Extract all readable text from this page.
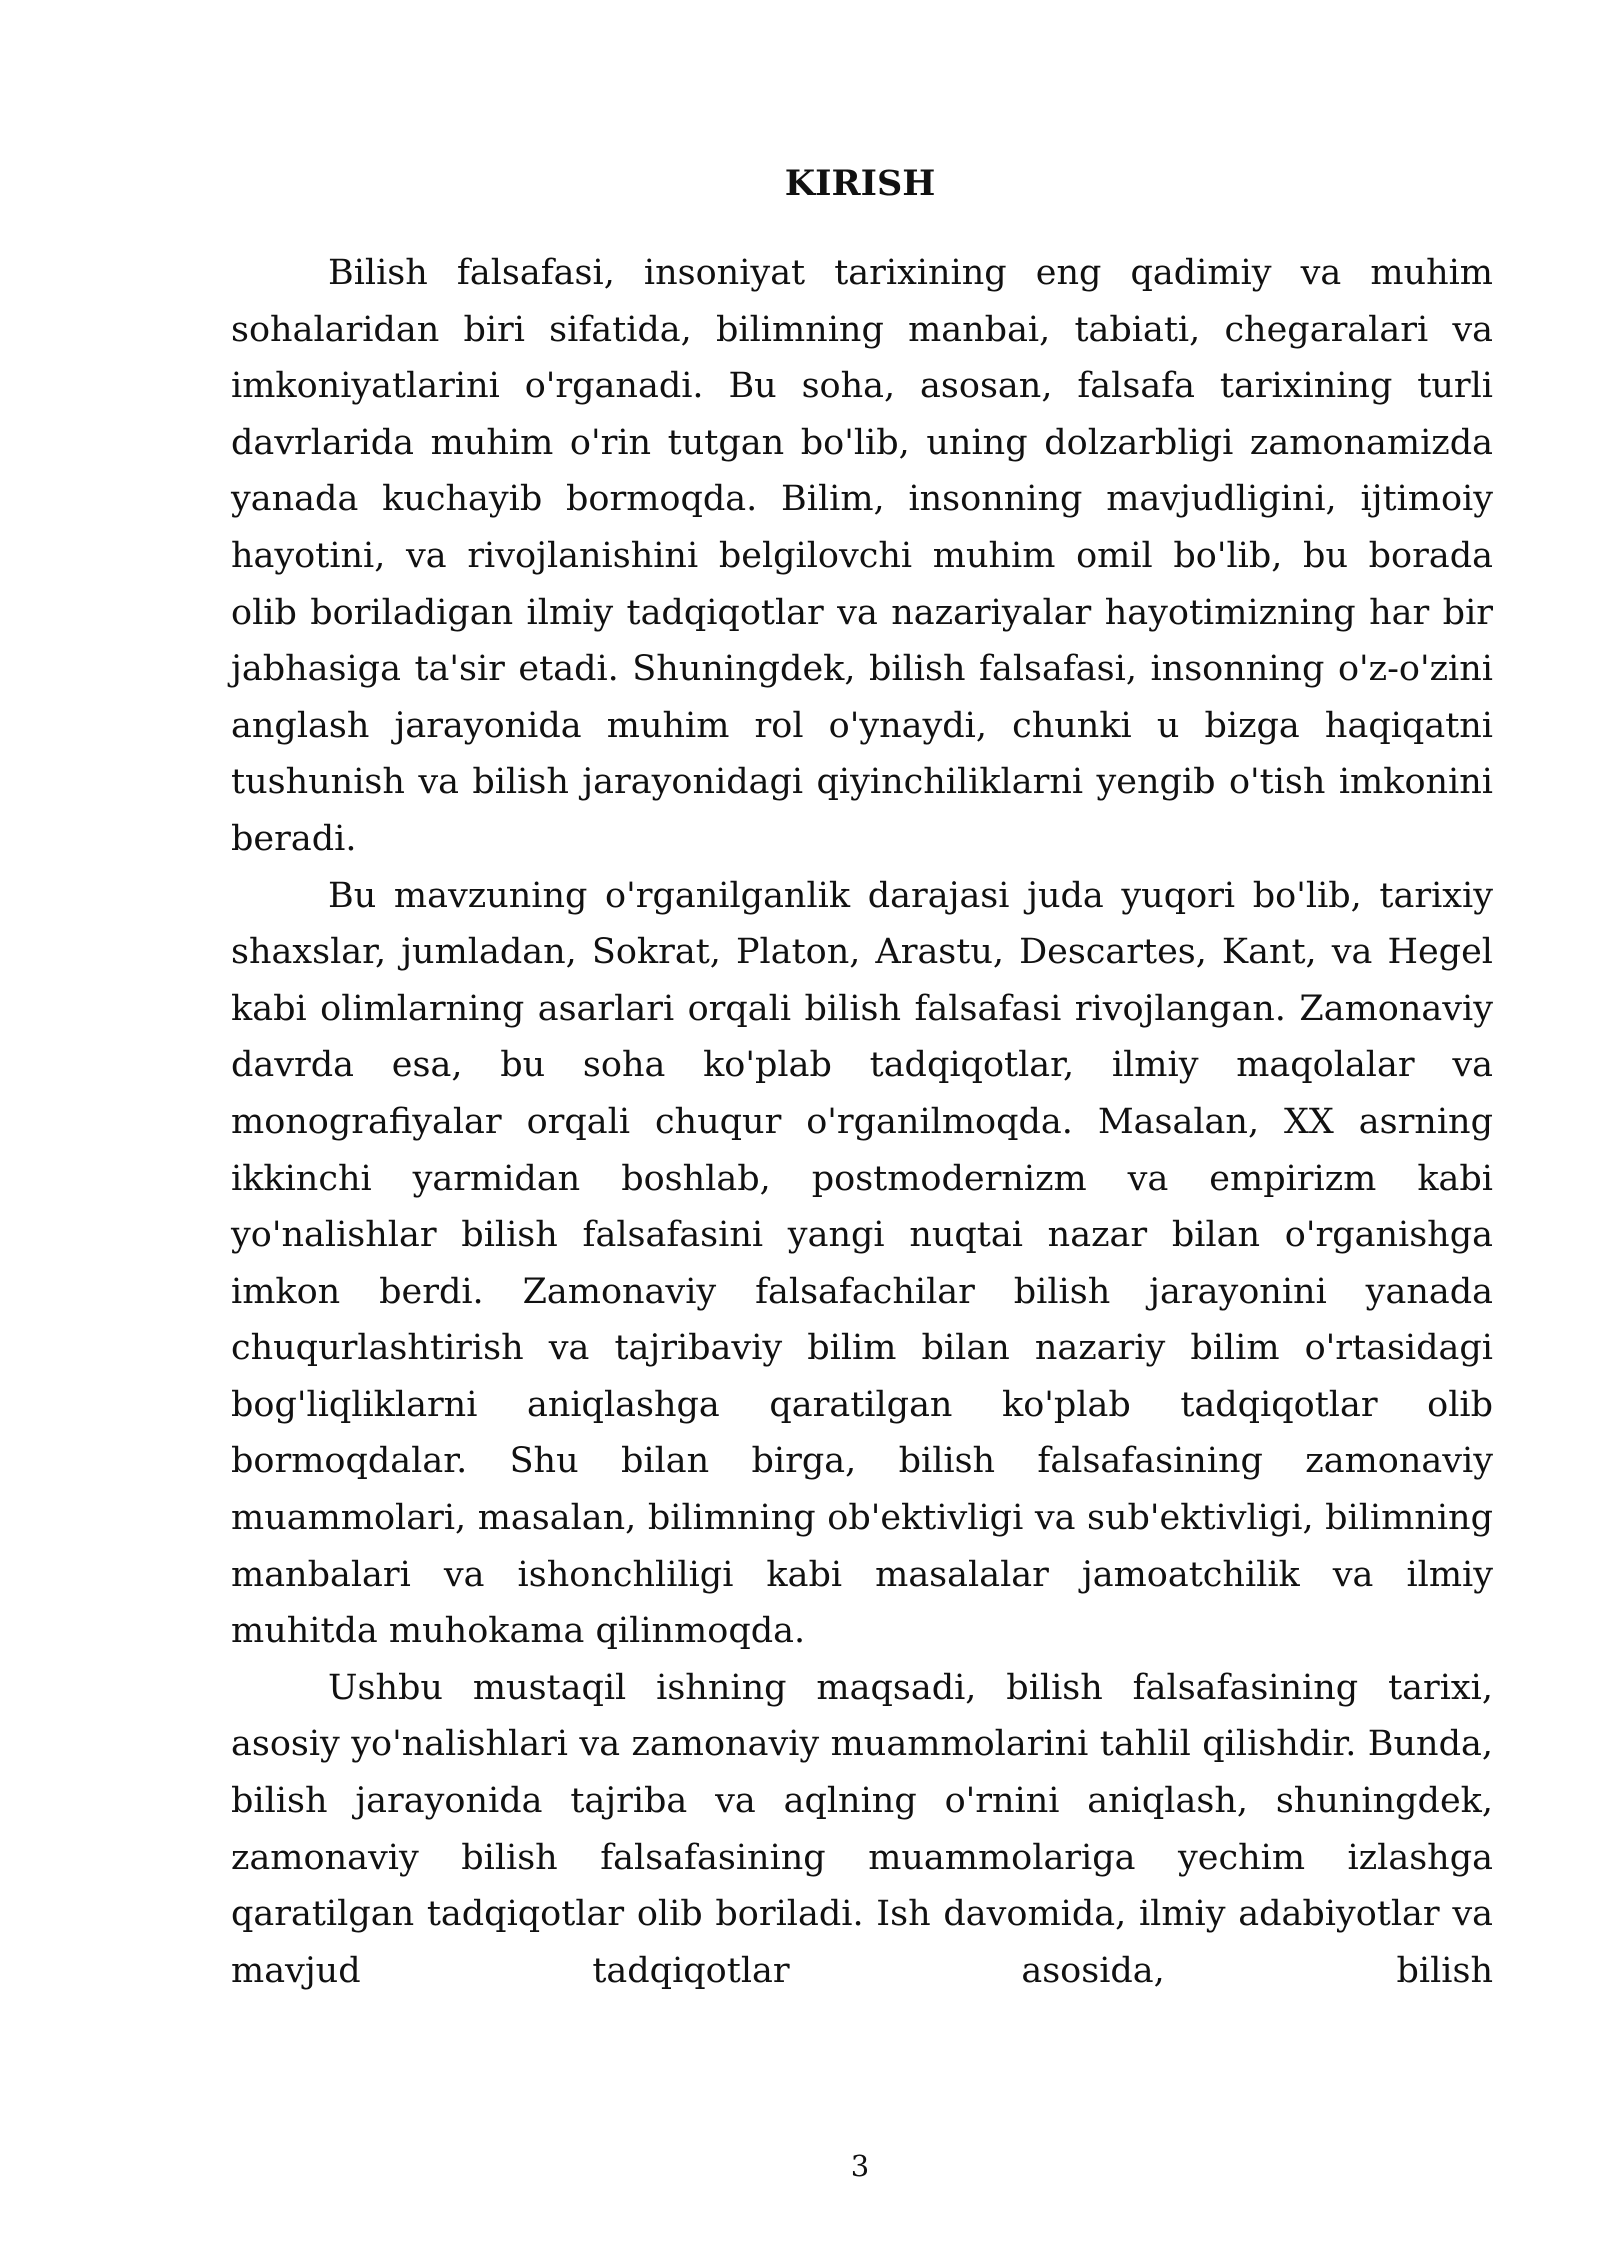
KIRISH

Bilish falsafasi, insoniyat tarixining eng qadimiy va muhim sohalaridan biri sifatida, bilimning manbai, tabiati, chegaralari va imkoniyatlarini o'rganadi. Bu soha, asosan, falsafa tarixining turli davrlarida muhim o'rin tutgan bo'lib, uning dolzarbligi zamonamizda yanada kuchayib bormoqda. Bilim, insonning mavjudligini, ijtimoiy hayotini, va rivojlanishini belgilovchi muhim omil bo'lib, bu borada olib boriladigan ilmiy tadqiqotlar va nazariyalar hayotimizning har bir jabhasiga ta'sir etadi. Shuningdek, bilish falsafasi, insonning o'z-o'zini anglash jarayonida muhim rol o'ynaydi, chunki u bizga haqiqatni tushunish va bilish jarayonidagi qiyinchiliklarni yengib o'tish imkonini beradi.

Bu mavzuning o'rganilganlik darajasi juda yuqori bo'lib, tarixiy shaxslar, jumladan, Sokrat, Platon, Arastu, Descartes, Kant, va Hegel kabi olimlarning asarlari orqali bilish falsafasi rivojlangan. Zamonaviy davrda esa, bu soha ko'plab tadqiqotlar, ilmiy maqolalar va monografiyalar orqali chuqur o'rganilmoqda. Masalan, XX asrning ikkinchi yarmidan boshlab, postmodernizm va empirizm kabi yo'nalishlar bilish falsafasini yangi nuqtai nazar bilan o'rganishga imkon berdi. Zamonaviy falsafachilar bilish jarayonini yanada chuqurlashtirish va tajribaviy bilim bilan nazariy bilim o'rtasidagi bog'liqliklarni aniqlashga qaratilgan ko'plab tadqiqotlar olib bormoqdalar. Shu bilan birga, bilish falsafasining zamonaviy muammolari, masalan, bilimning ob'ektivligi va sub'ektivligi, bilimning manbalari va ishonchliligi kabi masalalar jamoatchilik va ilmiy muhitda muhokama qilinmoqda.

Ushbu mustaqil ishning maqsadi, bilish falsafasining tarixi, asosiy yo'nalishlari va zamonaviy muammolarini tahlil qilishdir. Bunda, bilish jarayonida tajriba va aqlning o'rnini aniqlash, shuningdek, zamonaviy bilish falsafasining muammolariga yechim izlashga qaratilgan tadqiqotlar olib boriladi. Ish davomida, ilmiy adabiyotlar va mavjud tadqiqotlar asosida, bilish

3
